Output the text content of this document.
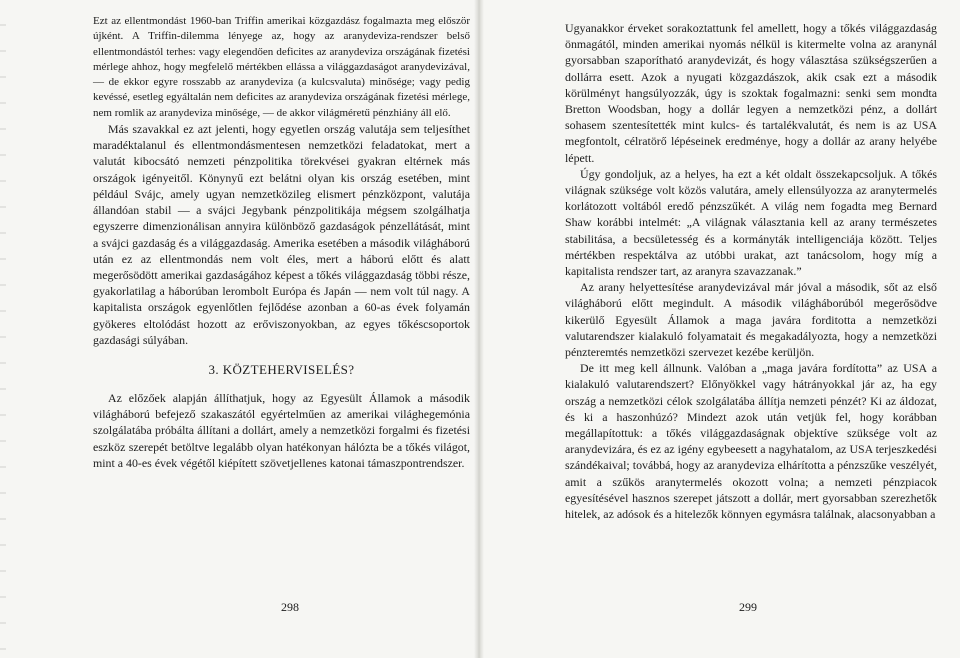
Ezt az ellentmondást 1960-ban Triffin amerikai közgazdász fogalmazta meg először újként. A Triffin-dilemma lényege az, hogy az aranydeviza-rendszer belső ellentmondástól terhes: vagy elegendően deficites az aranydeviza országának fizetési mérlege ahhoz, hogy megfelelő mértékben ellássa a világgazdaságot aranydevizával, — de ekkor egyre rosszabb az aranydeviza (a kulcsvaluta) minősége; vagy pedig kevéssé, esetleg egyáltalán nem deficites az aranydeviza országának fizetési mérlege, nem romlik az aranydeviza minősége, — de akkor világméretű pénzhiány áll elő.

Más szavakkal ez azt jelenti, hogy egyetlen ország valutája sem teljesíthet maradéktalanul és ellentmondásmentesen nemzetközi feladatokat, mert a valutát kibocsátó nemzeti pénzpolitika törekvései gyakran eltérnek más országok igényeitől. Könynyű ezt belátni olyan kis ország esetében, mint például Svájc, amely ugyan nemzetközileg elismert pénzközpont, valutája állandóan stabil — a svájci Jegybank pénzpolitikája mégsem szolgálhatja egyszerre dimenzionálisan annyira különböző gazdaságok pénzellátását, mint a svájci gazdaság és a világgazdaság. Amerika esetében a második világháború után ez az ellentmondás nem volt éles, mert a háború előtt és alatt megerősödött amerikai gazdaságához képest a tőkés világgazdaság többi része, gyakorlatilag a háborúban lerombolt Európa és Japán — nem volt túl nagy. A kapitalista országok egyenlőtlen fejlődése azonban a 60-as évek folyamán gyökeres eltolódást hozott az erőviszonyokban, az egyes tőkéscsoportok gazdasági súlyában.

3. KÖZTEHERVISELÉS?

Az előzőek alapján állíthatjuk, hogy az Egyesült Államok a második világháború befejező szakaszától egyértelműen az amerikai világhegemónia szolgálatába próbálta állítani a dollárt, amely a nemzetközi forgalmi és fizetési eszköz szerepét betöltve legalább olyan hatékonyan hálózta be a tőkés világot, mint a 40-es évek végétől kiépített szövetjellenes katonai támaszpontrendszer.

298

Ugyanakkor érveket sorakoztattunk fel amellett, hogy a tőkés világgazdaság önmagától, minden amerikai nyomás nélkül is kitermelte volna az aranynál gyorsabban szaporítható aranydevizát, és hogy választása szükségszerűen a dollárra esett. Azok a nyugati közgazdászok, akik csak ezt a második körülményt hangsúlyozzák, úgy is szoktak fogalmazni: senki sem mondta Bretton Woodsban, hogy a dollár legyen a nemzetközi pénz, a dollárt sohasem szentesítették mint kulcs- és tartalékvalutát, és nem is az USA megfontolt, célratörő lépéseinek eredménye, hogy a dollár az arany helyébe lépett.

Úgy gondoljuk, az a helyes, ha ezt a két oldalt összekapcsoljuk. A tőkés világnak szüksége volt közös valutára, amely ellensúlyozza az aranytermelés korlátozott voltából eredő pénzszűkét. A világ nem fogadta meg Bernard Shaw korábbi intelmét: „A világnak választania kell az arany természetes stabilitása, a becsületesség és a kormányták intelligenciája között. Teljes mértékben respektálva az utóbbi urakat, azt tanácsolom, hogy míg a kapitalista rendszer tart, az aranyra szavazzanak.”

Az arany helyettesítése aranydevizával már jóval a második, sőt az első világháború előtt megindult. A második világháborúból megerősödve kikerülő Egyesült Államok a maga javára forditotta a nemzetközi valutarendszer kialakuló folyamatait és megakadályozta, hogy a nemzetközi pénzteremtés nemzetközi szervezet kezébe kerüljön.

De itt meg kell állnunk. Valóban a „maga javára fordította” az USA a kialakuló valutarendszert? Előnyökkel vagy hátrányokkal jár az, ha egy ország a nemzetközi célok szolgálatába állítja nemzeti pénzét? Ki az áldozat, és ki a haszonhúzó? Mindezt azok után vetjük fel, hogy korábban megállapítottuk: a tőkés világgazdaságnak objektíve szüksége volt az aranydevizára, és ez az igény egybeesett a nagyhatalom, az USA terjeszkedési szándékaival; továbbá, hogy az aranydeviza elhárította a pénzszűke veszélyét, amit a szűkös aranytermelés okozott volna; a nemzeti pénzpiacok egyesítésével hasznos szerepet játszott a dollár, mert gyorsabban szerezhetők hitelek, az adósok és a hitelezők könnyen egymásra találnak, alacsonyabban a

299
